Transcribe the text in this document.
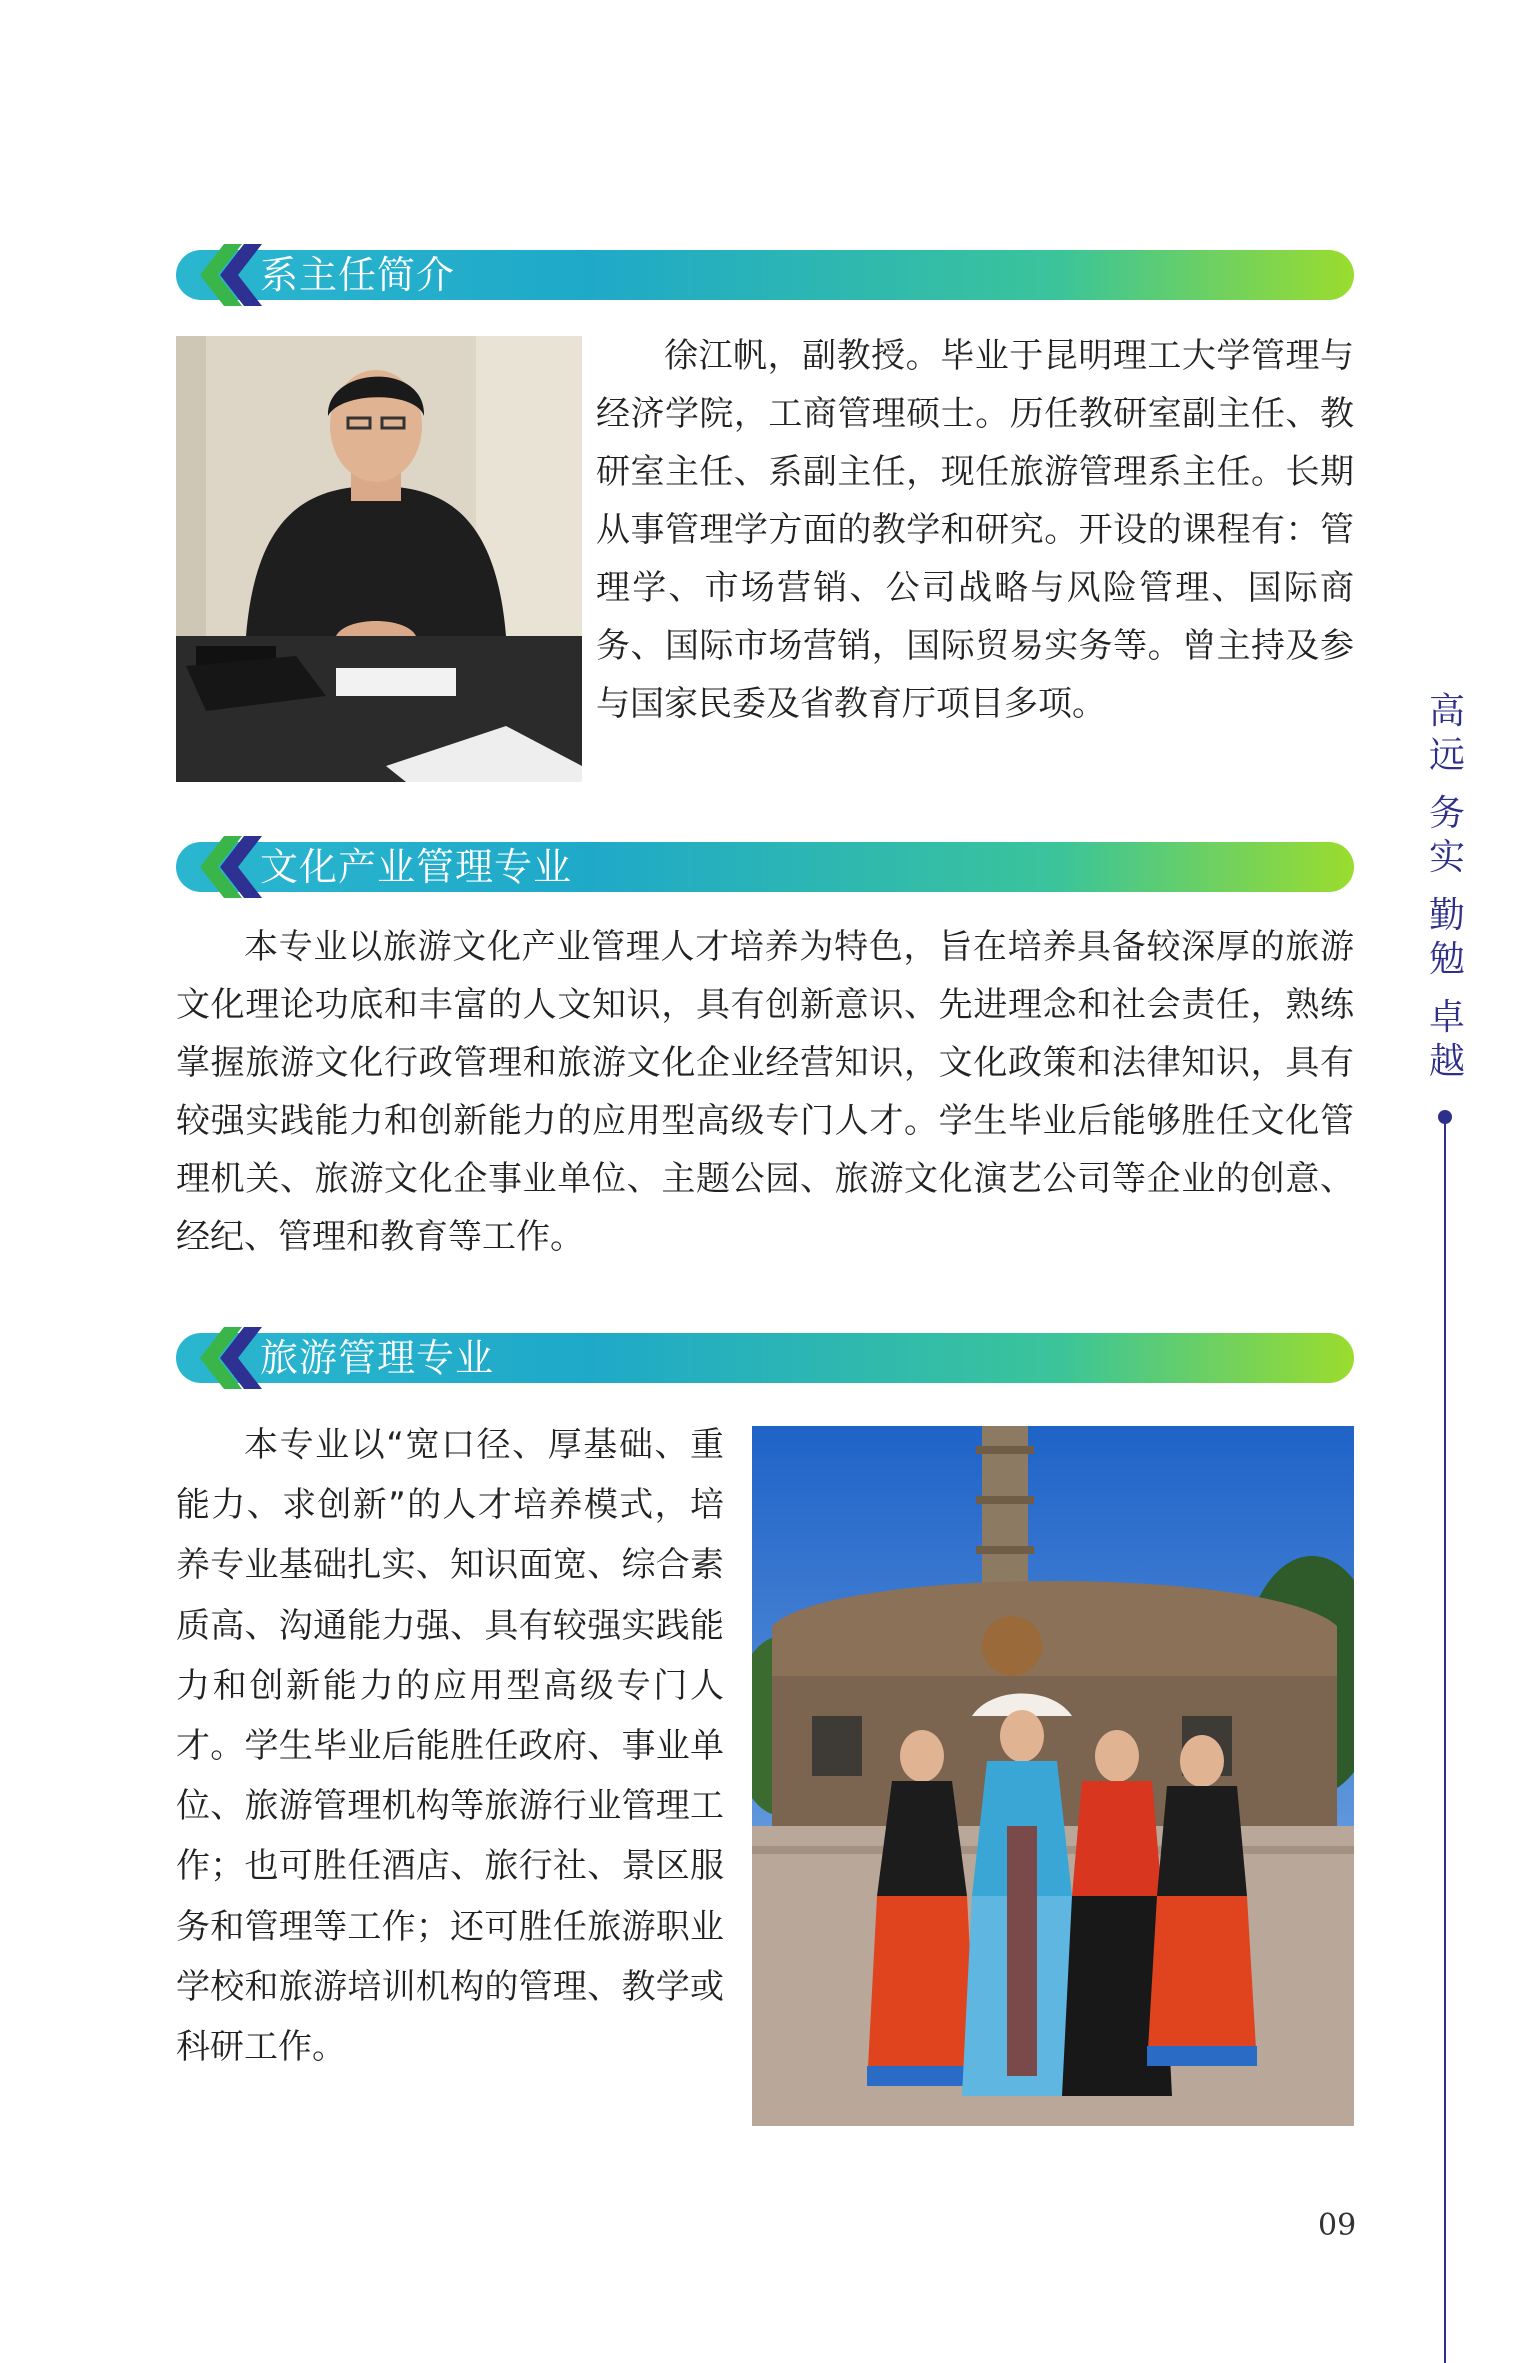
系主任简介
徐江帆，副教授。毕业于昆明理工大学管理与经济学院，工商管理硕士。历任教研室副主任、教研室主任、系副主任，现任旅游管理系主任。长期从事管理学方面的教学和研究。开设的课程有：管理学、市场营销、公司战略与风险管理、国际商务、国际市场营销，国际贸易实务等。曾主持及参与国家民委及省教育厅项目多项。
文化产业管理专业
本专业以旅游文化产业管理人才培养为特色，旨在培养具备较深厚的旅游文化理论功底和丰富的人文知识，具有创新意识、先进理念和社会责任，熟练掌握旅游文化行政管理和旅游文化企业经营知识，文化政策和法律知识，具有较强实践能力和创新能力的应用型高级专门人才。学生毕业后能够胜任文化管理机关、旅游文化企事业单位、主题公园、旅游文化演艺公司等企业的创意、经纪、管理和教育等工作。
旅游管理专业
本专业以“宽口径、厚基础、重能力、求创新”的人才培养模式，培养专业基础扎实、知识面宽、综合素质高、沟通能力强、具有较强实践能力和创新能力的应用型高级专门人才。学生毕业后能胜任政府、事业单位、旅游管理机构等旅游行业管理工作；也可胜任酒店、旅行社、景区服务和管理等工作；还可胜任旅游职业学校和旅游培训机构的管理、教学或科研工作。
高
远
务
实
勤
勉
卓
越
09
